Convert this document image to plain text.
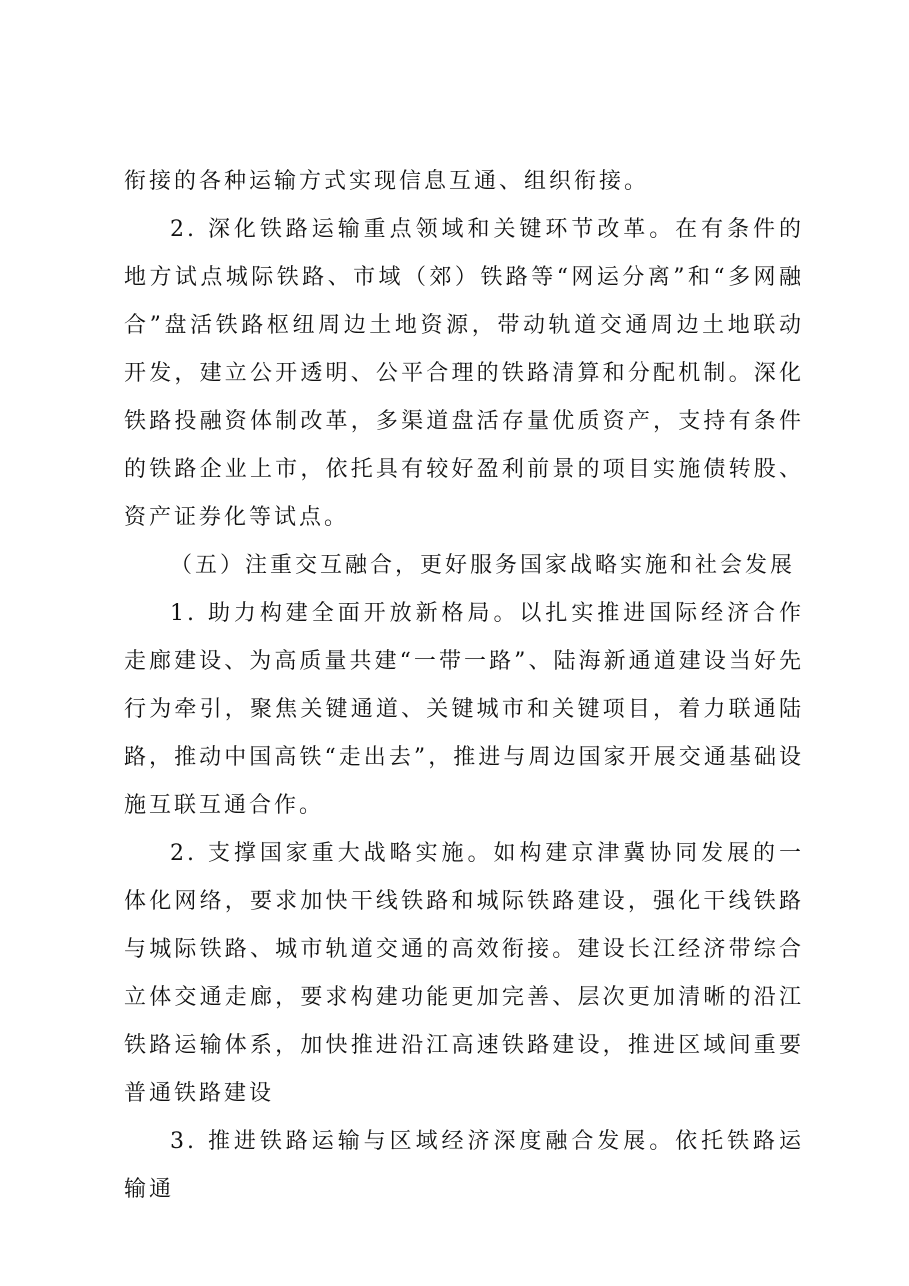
衔接的各种运输方式实现信息互通、组织衔接。

2. 深化铁路运输重点领域和关键环节改革。在有条件的地方试点城际铁路、市域（郊）铁路等“网运分离”和“多网融合”盘活铁路枢纽周边土地资源，带动轨道交通周边土地联动开发，建立公开透明、公平合理的铁路清算和分配机制。深化铁路投融资体制改革，多渠道盘活存量优质资产，支持有条件的铁路企业上市，依托具有较好盈利前景的项目实施债转股、资产证券化等试点。

（五）注重交互融合，更好服务国家战略实施和社会发展

1. 助力构建全面开放新格局。以扎实推进国际经济合作走廊建设、为高质量共建“一带一路”、陆海新通道建设当好先行为牵引，聚焦关键通道、关键城市和关键项目，着力联通陆路，推动中国高铁“走出去”，推进与周边国家开展交通基础设施互联互通合作。

2. 支撑国家重大战略实施。如构建京津冀协同发展的一体化网络，要求加快干线铁路和城际铁路建设，强化干线铁路与城际铁路、城市轨道交通的高效衔接。建设长江经济带综合立体交通走廊，要求构建功能更加完善、层次更加清晰的沿江铁路运输体系，加快推进沿江高速铁路建设，推进区域间重要普通铁路建设

3. 推进铁路运输与区域经济深度融合发展。依托铁路运输通
